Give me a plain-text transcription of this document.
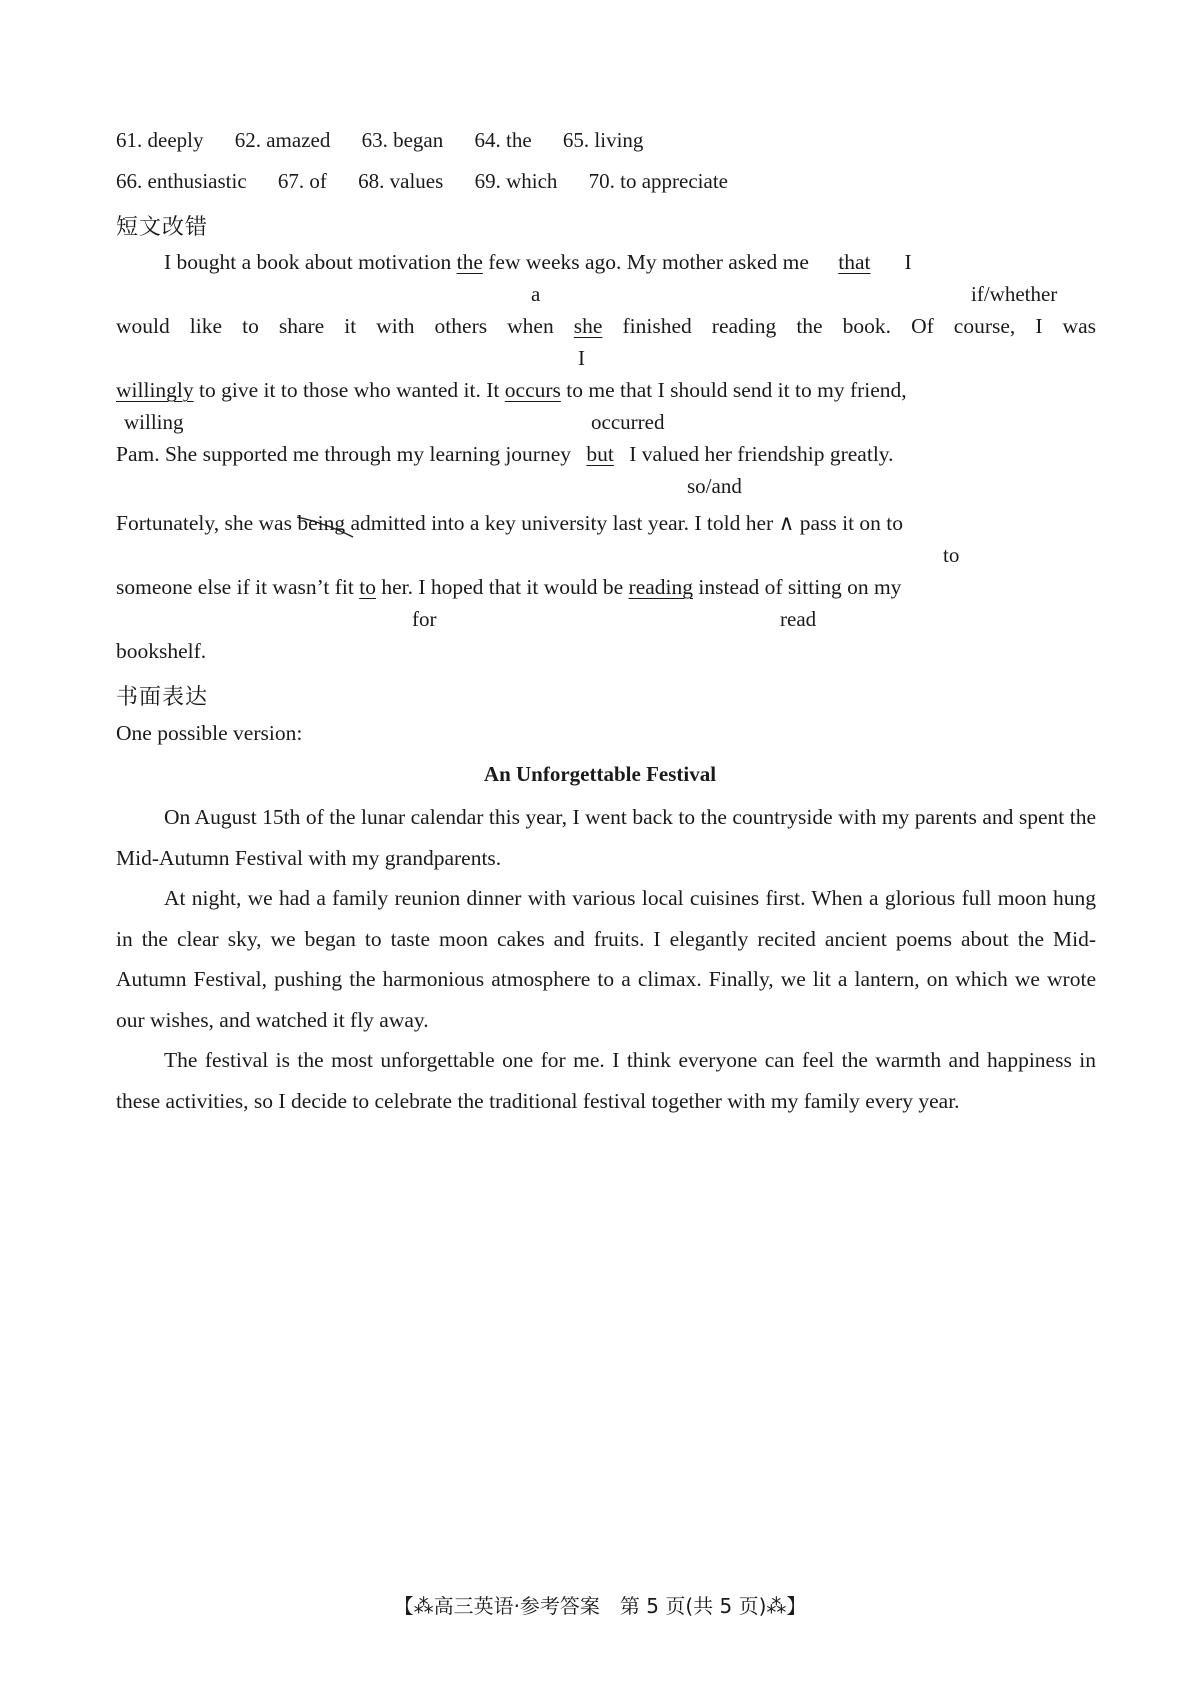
61. deeply 62. amazed 63. began 64. the 65. living
66. enthusiastic 67. of 68. values 69. which 70. to appreciate
短文改错
I bought a book about motivation the few weeks ago. My mother asked me that I
a	if/whether
would like to share it with others when she finished reading the book. Of course, I was
I
willingly to give it to those who wanted it. It occurs to me that I should send it to my friend,
willing	occurred
Pam. She supported me through my learning journey but I valued her friendship greatly.
so/and
Fortunately, she was being
admitted into a key university last year. I told her ∧ pass it on to
to
someone else if it wasn’t fit to her. I hoped that it would be reading instead of sitting on my
for	read
bookshelf.
书面表达
One possible version:
An Unforgettable Festival

On August 15th of the lunar calendar this year, I went back to the countryside with my parents and spent the Mid-Autumn Festival with my grandparents.

At night, we had a family reunion dinner with various local cuisines first. When a glorious full moon hung in the clear sky, we began to taste moon cakes and fruits. I elegantly recited ancient poems about the Mid-Autumn Festival, pushing the harmonious atmosphere to a climax. Finally, we lit a lantern, on which we wrote our wishes, and watched it fly away.

The festival is the most unforgettable one for me. I think everyone can feel the warmth and happiness in these activities, so I decide to celebrate the traditional festival together with my family every year.

【⁂高三英语·参考答案　第 5 页(共 5 页)⁂】
